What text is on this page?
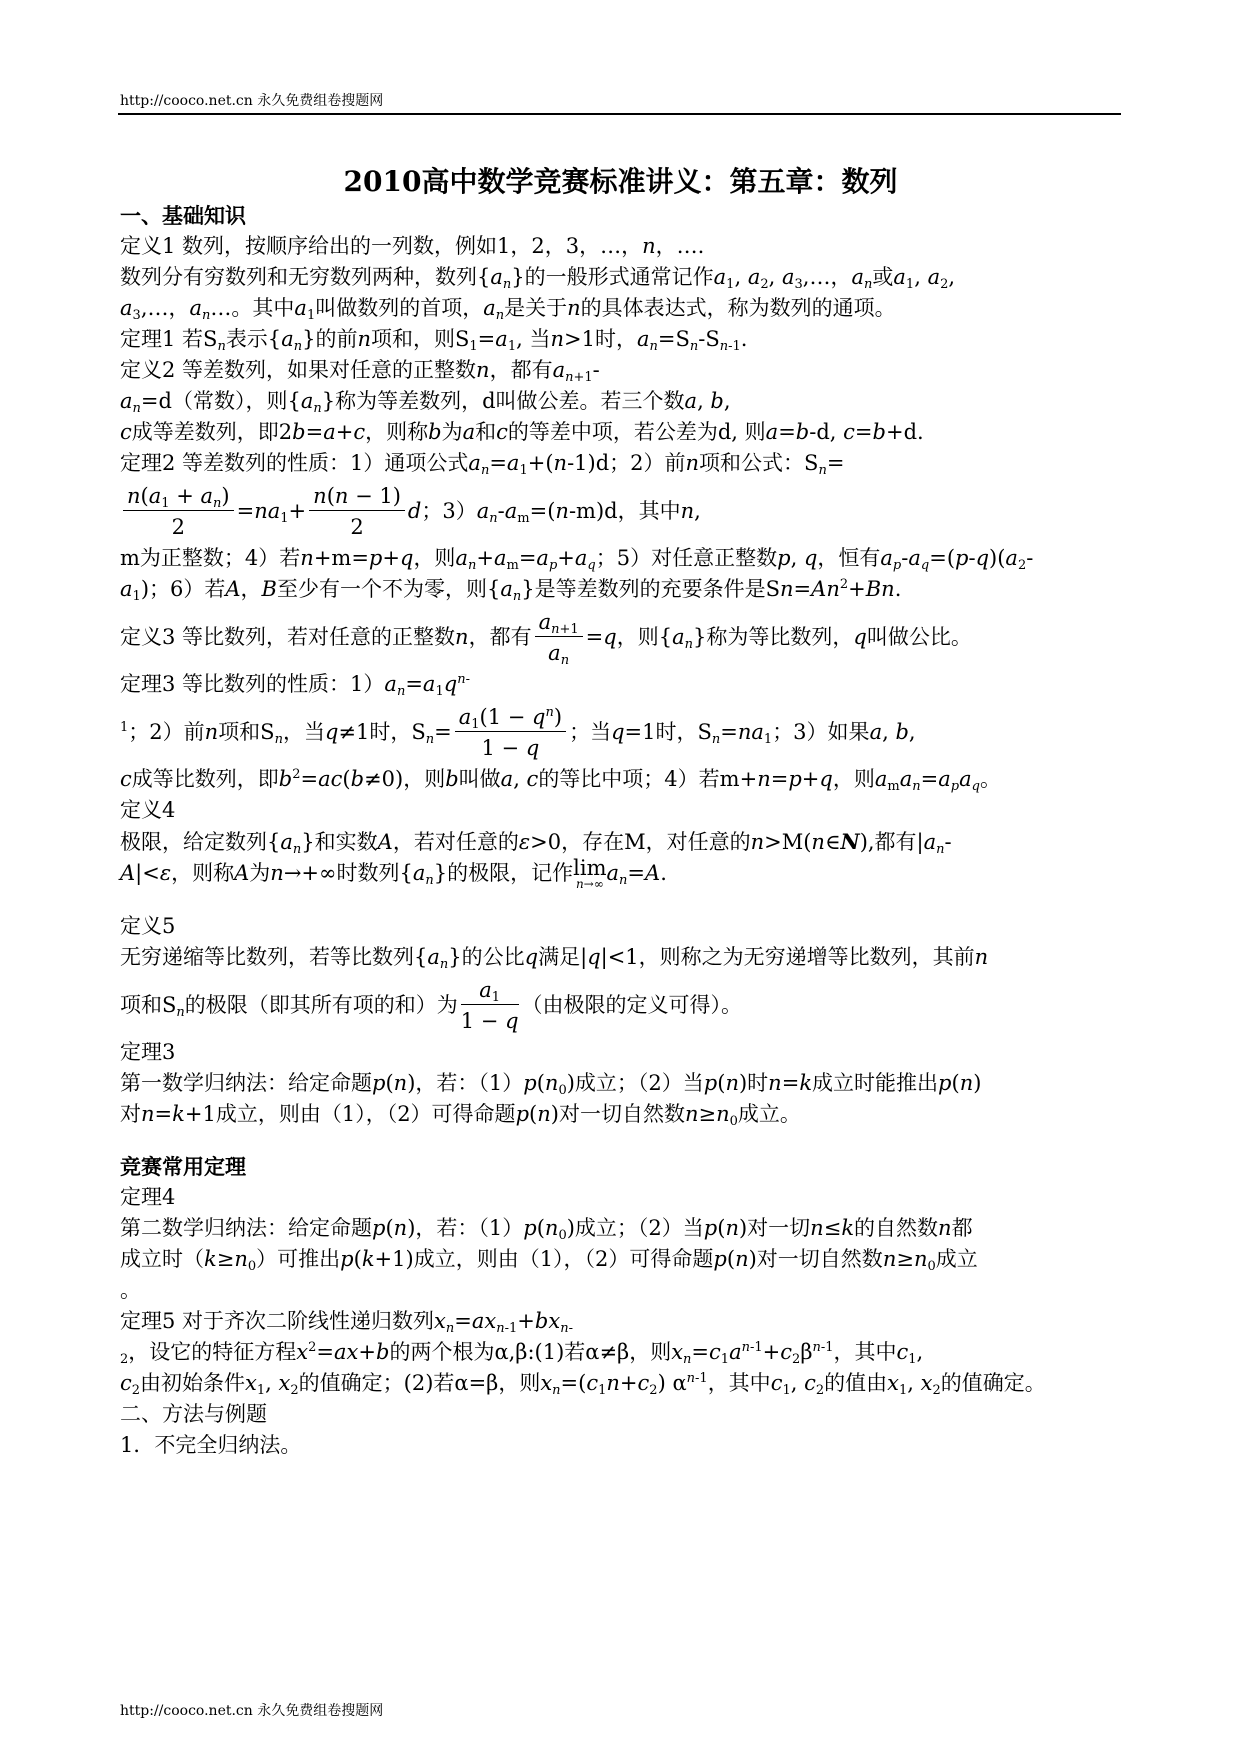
http://cooco.net.cn 永久免费组卷搜题网
2010高中数学竞赛标准讲义：第五章：数列
一、基础知识
定义1 数列，按顺序给出的一列数，例如1，2，3，…，n，….
数列分有穷数列和无穷数列两种，数列$\{a_n\}$的一般形式通常记作$a_1$, $a_2$, $a_3,\dots$，$a_n$或$a_1$, $a_2$,
$a_3,\dots$，$a_n\dots$。其中$a_1$叫做数列的首项，$a_n$是关于n的具体表达式，称为数列的通项。
定理1 若$S_n$表示$\{a_n\}$的前n项和，则$S_1=a_1$, 当n>1时，$a_n=S_n-S_{n-1}$.
定义2 等差数列，如果对任意的正整数n，都有$a_{n+1}-$
$a_n=d$（常数），则$\{a_n\}$称为等差数列，d叫做公差。若三个数a, b,
c成等差数列，即2b=a+c，则称b为a和c的等差中项，若公差为d, 则a=b-d, c=b+d.
定理2 等差数列的性质：1）通项公式$a_n=a_1+(n-1)d$；2）前n项和公式：$S_n=$
$\frac{n(a_1 + a_n)}{2} =na_1+ \frac{n(n - 1)}{2}$ d；$3)a_n-a_m=(n-m)d$，其中n,
m为正整数；4）若n+m=p+q，则$a_n+a_m=a_p+a_q$；5）对任意正整数p, q，恒有$a_p-a_q=(p-q)(a_2-$
$a_1$)；6）若A，B至少有一个不为零，则$\{a_n\}$是等差数列的充要条件是$Sn=An^2+Bn$.
定义3 等比数列，若对任意的正整数n，都有 $\frac{a_{n+1}}{a_n} =q$，则$\{a_n\}$称为等比数列，q叫做公比。
定理3 等比数列的性质：$1)a_n=a_1q^{n-}$
$^1$；2）前n项和$S_n$，当q≠1时，$S_n= \frac{a_1(1 - q^n)}{1 - q}$ ；当q=1时，$S_n=na_1$；3）如果a, b,
c成等比数列，即$b^2=ac(b\ne 0)$，则b叫做a, c的等比中项；4）若m+n=p+q，则$a_ma_n=a_pa_q$。
定义4
极限，给定数列$\{a_n\}$和实数A，若对任意的ε>0，存在M，对任意的n>M(n∈N),都有$|a_n-$
A|<ε，则称A为n→+∞时数列$\{a_n\}$的极限，记作lim
n→∞ $a_n=A$.
定义5
无穷递缩等比数列，若等比数列$\{a_n\}$的公比q满足|q|<1，则称之为无穷递增等比数列，其前n
项和$S_n$的极限（即其所有项的和）为 $\frac{a_1}{1 - q}$ （由极限的定义可得）。
定理3
第一数学归纳法：给定命题p(n)，若：$(1)p(n_0)$成立；（2）当p(n)时n=k成立时能推出p(n)
对n=k+1成立，则由（1），（2）可得命题p(n)对一切自然数$n\ge n_0$成立。
竞赛常用定理
定理4
第二数学归纳法：给定命题p(n)，若：$(1)p(n_0)$成立；（2）当p(n)对一切n≤k的自然数n都
成立时$(k\ge n_0)$可推出p(k+1)成立，则由（1），（2）可得命题p(n)对一切自然数$n\ge n_0$成立
。
定理5 对于齐次二阶线性递归数列$x_n=ax_{n-1}+bx_{n-}$
$_2$，设它的特征方程$x^2=ax+b$的两个根为α,β:(1)若α≠β，则$x_n=c_1a^{n-1}+c_2\beta^{n-1}$，其中$c_1$,
$c_2$由初始条件$x_1$, $x_2$的值确定；(2)若α=β，则$x_n=(c_1n+c_2)$ $\alpha^{n-1}$，其中$c_1$, $c_2$的值由$x_1$, $x_2$的值确定。
二、方法与例题
1．不完全归纳法。
http://cooco.net.cn 永久免费组卷搜题网
